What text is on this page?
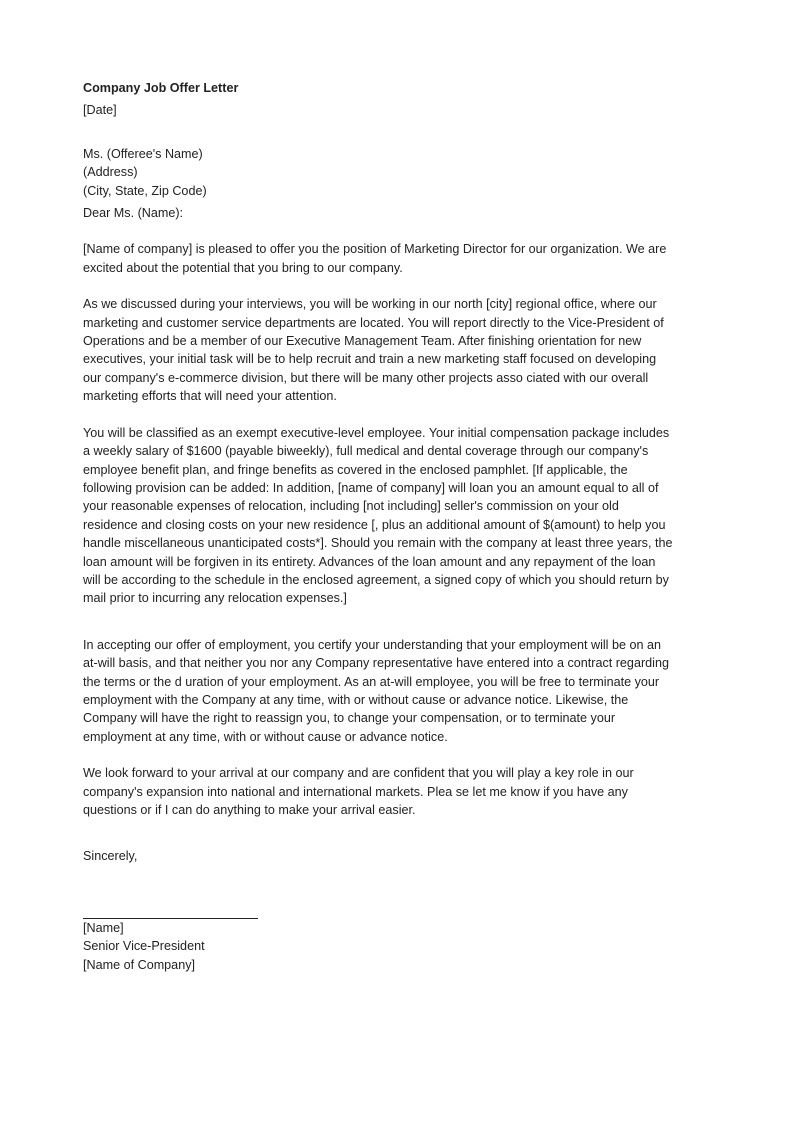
Company Job Offer Letter
[Date]
Ms. (Offeree's Name)
(Address)
(City, State, Zip Code)
Dear Ms. (Name):
[Name of company] is pleased to offer you the position of Marketing Director for our organization. We are
excited about the potential that you bring to our company.
As we discussed during your interviews, you will be working in our north [city] regional office, where our
marketing and customer service departments are located. You will report directly to the Vice-President of
Operations and be a member of our Executive Management Team. After finishing orientation for new
executives, your initial task will be to help recruit and train a new marketing staff focused on developing
our company's e-commerce division, but there will be many other projects asso ciated with our overall
marketing efforts that will need your attention.
You will be classified as an exempt executive-level employee. Your initial compensation package includes
a weekly salary of $1600 (payable biweekly), full medical and dental coverage through our company's
employee benefit plan, and fringe benefits as covered in the enclosed pamphlet. [If applicable, the
following provision can be added: In addition, [name of company] will loan you an amount equal to all of
your reasonable expenses of relocation, including [not including] seller's commission on your old
residence and closing costs on your new residence [, plus an additional amount of $(amount) to help you
handle miscellaneous unanticipated costs*]. Should you remain with the company at least three years, the
loan amount will be forgiven in its entirety. Advances of the loan amount and any repayment of the loan
will be according to the schedule in the enclosed agreement, a signed copy of which you should return by
mail prior to incurring any relocation expenses.]
In accepting our offer of employment, you certify your understanding that your employment will be on an
at-will basis, and that neither you nor any Company representative have entered into a contract regarding
the terms or the d uration of your employment. As an at-will employee, you will be free to terminate your
employment with the Company at any time, with or without cause or advance notice. Likewise, the
Company will have the right to reassign you, to change your compensation, or to terminate your
employment at any time, with or without cause or advance notice.
We look forward to your arrival at our company and are confident that you will play a key role in our
company's expansion into national and international markets. Plea se let me know if you have any
questions or if I can do anything to make your arrival easier.
Sincerely,
[Name]
Senior Vice-President
[Name of Company]
